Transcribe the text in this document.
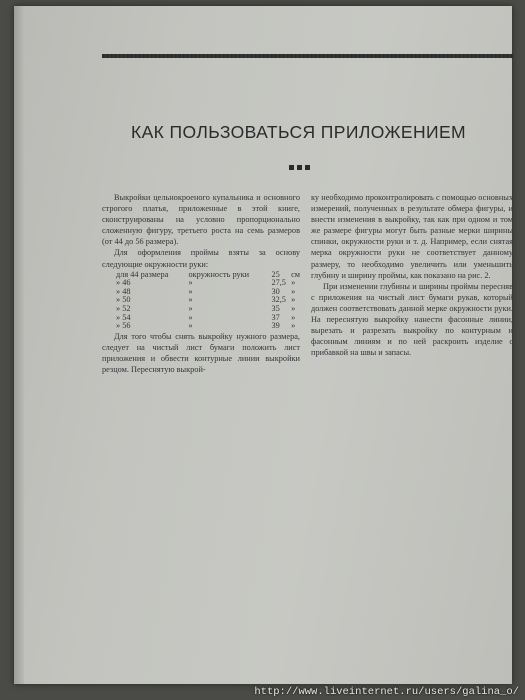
КАК ПОЛЬЗОВАТЬСЯ ПРИЛОЖЕНИЕМ

Выкройки цельнокроеного купальника и основного строгого платья, приложенные в этой книге, сконструированы на условно пропорционально сложенную фигуру, третьего роста на семь размеров (от 44 до 56 размера).

Для оформления проймы взяты за основу следующие окружности руки:

для 44 размера	окружность руки	25	см
» 46	»	27,5	»
» 48	»	30	»
» 50	»	32,5	»
» 52	»	35	»
» 54	»	37	»
» 56	»	39	»

Для того чтобы снять выкройку нужного размера, следует на чистый лист бумаги положить лист приложения и обвести контурные линии выкройки резцом. Переснятую выкрой-

ку необходимо проконтролировать с помощью основных измерений, полученных в результате обмера фигуры, и внести изменения в выкройку, так как при одном и том же размере фигуры могут быть разные мерки ширины спинки, окружности руки и т. д. Например, если снятая мерка окружности руки не соответствует данному размеру, то необходимо увеличить или уменьшить глубину и ширину проймы, как показано на рис. 2.

При изменении глубины и ширины проймы пересняв с приложения на чистый лист бумаги рукав, который должен соответствовать данной мерке окружности руки. На переснятую выкройку нанести фасонные линии, вырезать и разрезать выкройку по контурным и фасонным линиям и по ней раскроить изделие с прибавкой на швы и запасы.

http://www.liveinternet.ru/users/galina_o/
